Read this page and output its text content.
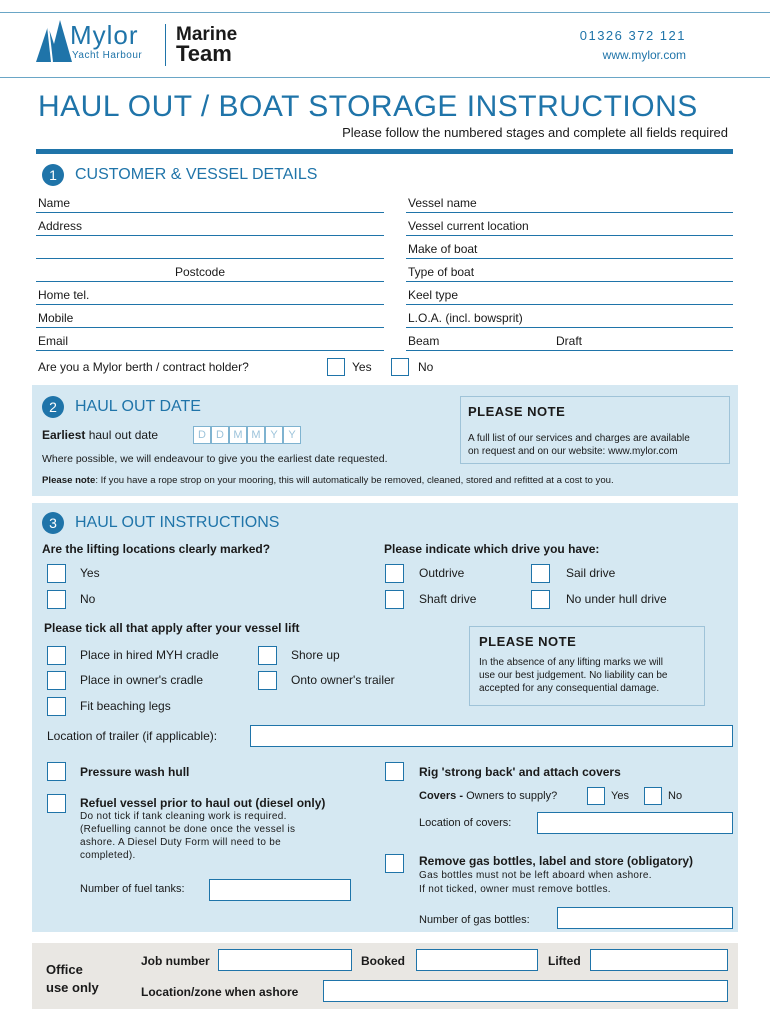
Mylor
Yacht Harbour
Marine
Team
01326 372 121
www.mylor.com
HAUL OUT / BOAT STORAGE INSTRUCTIONS
Please follow the numbered stages and complete all fields required
1	CUSTOMER & VESSEL DETAILS
Name
Address
Postcode
Home tel.
Mobile
Email
Vessel name
Vessel current location
Make of boat
Type of boat
Keel type
L.O.A. (incl. bowsprit)
Beam	Draft
Are you a Mylor berth / contract holder?	Yes	No
2	HAUL OUT DATE
Earliest haul out date	D D M M Y Y
Where possible, we will endeavour to give you the earliest date requested.
PLEASE NOTE
A full list of our services and charges are available
on request and on our website: www.mylor.com
Please note: If you have a rope strop on your mooring, this will automatically be removed, cleaned, stored and refitted at a cost to you.
3	HAUL OUT INSTRUCTIONS
Are the lifting locations clearly marked?
Yes
No
Please indicate which drive you have:
Outdrive	Sail drive
Shaft drive	No under hull drive
Please tick all that apply after your vessel lift
Place in hired MYH cradle	Shore up
Place in owner's cradle	Onto owner's trailer
Fit beaching legs
PLEASE NOTE
In the absence of any lifting marks we will
use our best judgement. No liability can be
accepted for any consequential damage.
Location of trailer (if applicable):
Pressure wash hull
Refuel vessel prior to haul out (diesel only)
Do not tick if tank cleaning work is required.
(Refuelling cannot be done once the vessel is
ashore. A Diesel Duty Form will need to be
completed).
Number of fuel tanks:
Rig 'strong back' and attach covers
Covers - Owners to supply?	Yes	No
Location of covers:
Remove gas bottles, label and store (obligatory)
Gas bottles must not be left aboard when ashore.
If not ticked, owner must remove bottles.
Number of gas bottles:
Office
use only
Job number	Booked	Lifted
Location/zone when ashore
